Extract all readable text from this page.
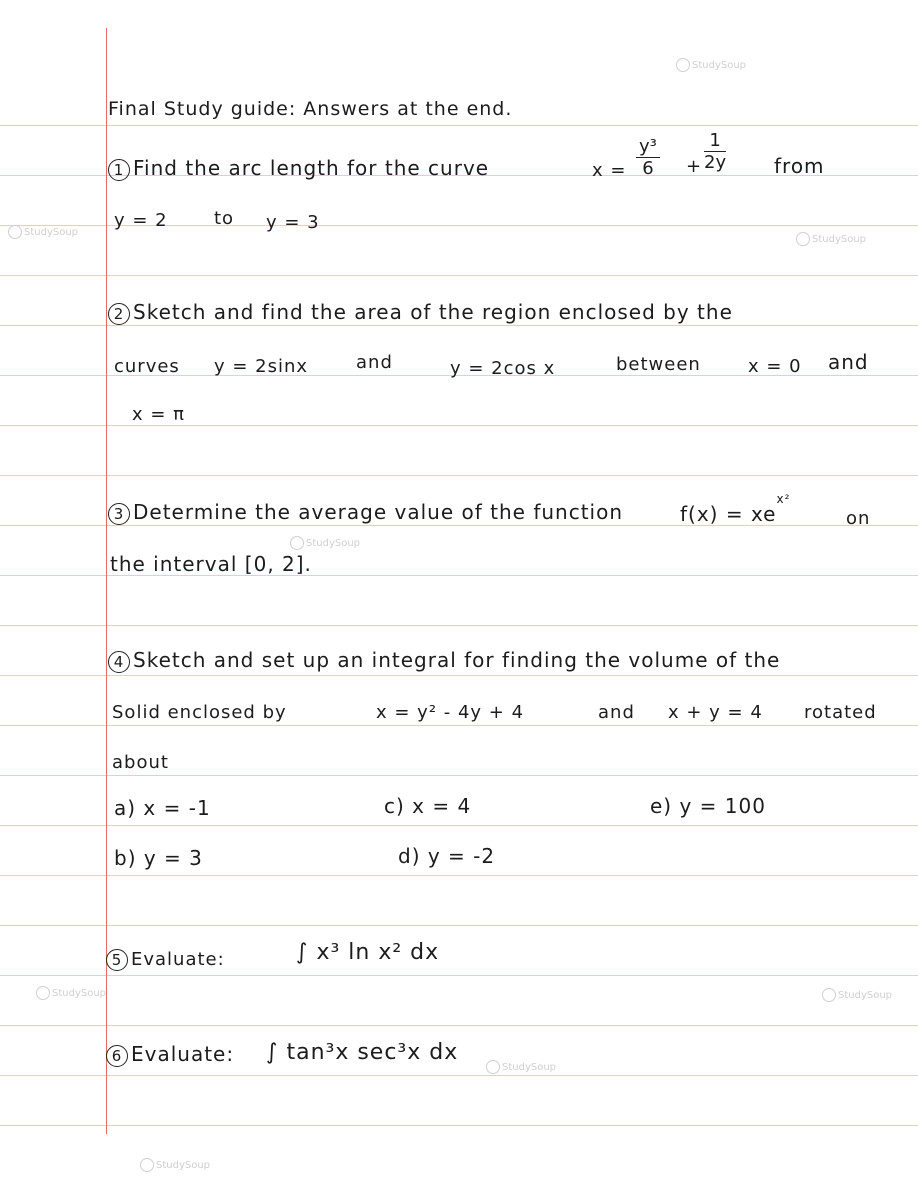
StudySoup
StudySoup
StudySoup
StudySoup
StudySoup	StudySoup
StudySoup
StudySoup
Final Study guide: Answers at the end.
1 Find the arc length for the curve	$x = \frac{\text{y³}}{6} + \frac{1}{2y}$ from
y = 2	to y = 3
2 Sketch and find the area of the region enclosed by the
curves y = 2sinx	and	y = 2cos x	between	x = 0 and
x = π
3 Determine the average value of the function	$f(x) = xe^{x^2}$
on
the interval [0, 2].
4 Sketch and set up an integral for finding the volume of the
Solid enclosed by	x = y² - 4y + 4	and x + y = 4 rotated
about
a) x = -1
b) y = 3
c) x = 4
d) y = -2
e) y = 100
5 Evaluate:	∫ x³ ln x² dx
6 Evaluate: ∫ tan³x sec³x dx
